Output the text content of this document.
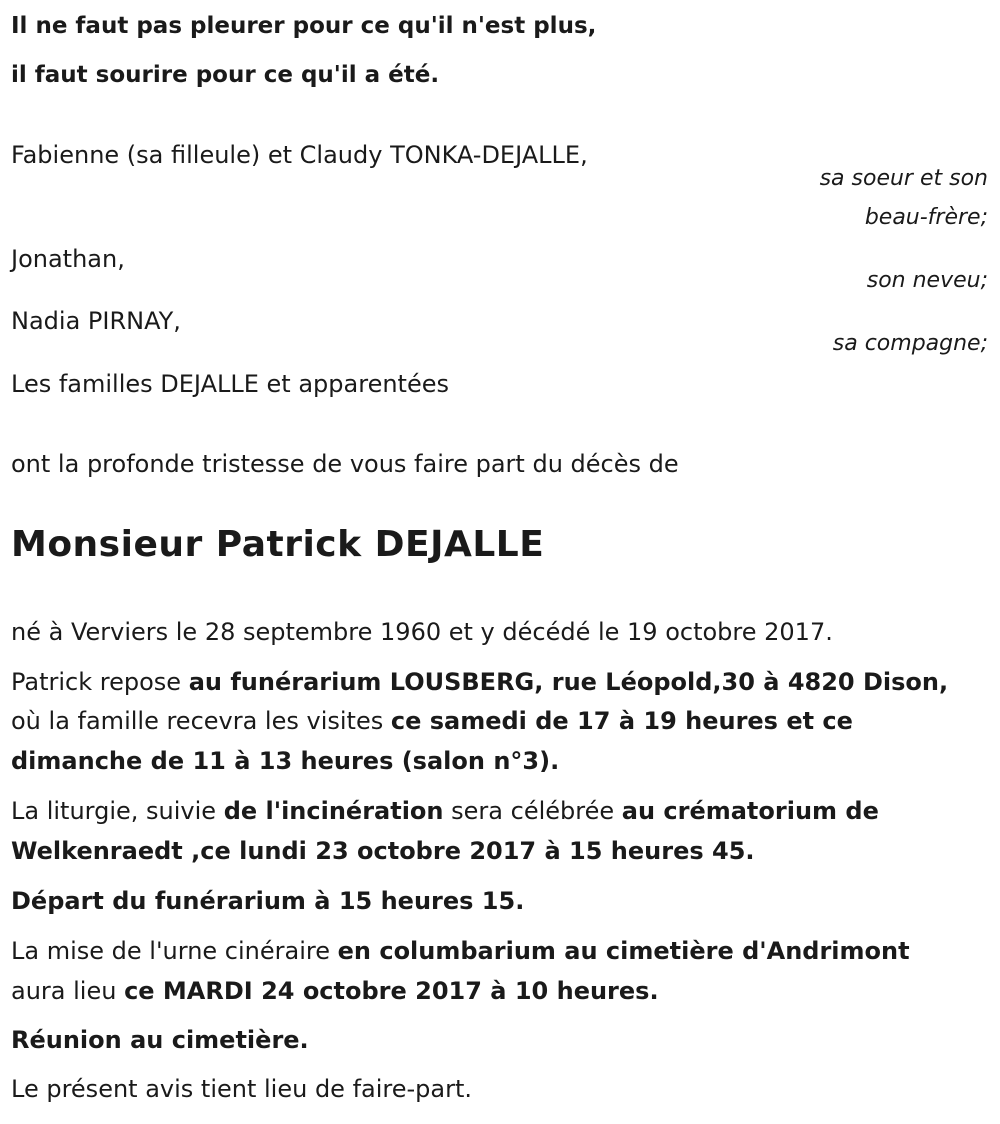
Il ne faut pas pleurer pour ce qu'il n'est plus,
il faut sourire pour ce qu'il a été.
Fabienne (sa filleule) et Claudy TONKA-DEJALLE,
sa soeur et son
beau-frère;
Jonathan,
son neveu;
Nadia PIRNAY,
sa compagne;
Les familles DEJALLE et apparentées
ont la profonde tristesse de vous faire part du décès de
Monsieur Patrick DEJALLE
né à Verviers le 28 septembre 1960 et y décédé le 19 octobre 2017.
Patrick repose au funérarium LOUSBERG, rue Léopold,30 à 4820 Dison,
où la famille recevra les visites ce samedi de 17 à 19 heures et ce
dimanche de 11 à 13 heures (salon n°3).
La liturgie, suivie de l'incinération sera célébrée au crématorium de
Welkenraedt ,ce lundi 23 octobre 2017 à 15 heures 45.
Départ du funérarium à 15 heures 15.
La mise de l'urne cinéraire en columbarium au cimetière d'Andrimont
aura lieu ce MARDI 24 octobre 2017 à 10 heures.
Réunion au cimetière.
Le présent avis tient lieu de faire-part.
